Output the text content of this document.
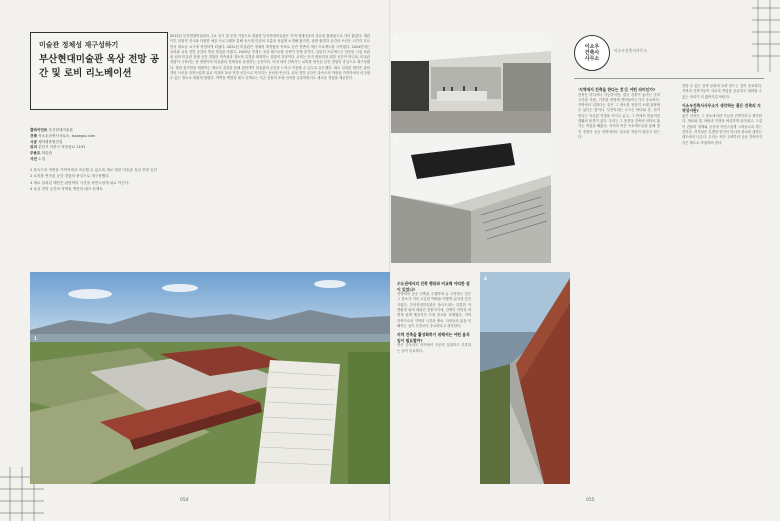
미술관 정체성 재구성하기
부산현대미술관 옥상 전망 공간 및 로비 리노베이션
클라이언트 부산현대미술관
건축 이소우건축사사무소, isosegul.com
시공 제이엘종합건설
위치 부산시 사하구 낙동남로 1191
주용도 미술관
사진 노경
1 을숙도의 자연을 가까이에서 마주할 수 있도록 새로 열린 미술관 옥상 전망 공간
2 로비를 연속된 공간 경험의 중심으로 재구성했다.
3 새로 설치된 계단은 관람객의 시선을 자연스럽게 위로 이끈다.
4 옥상 전망 공간의 적벽돌 벽면과 데크 산책로
2015년 부산현대미술관의 주요 전시 및 운영 거점으로 개관한 부산현대미술관은 지역 현대미술의 중요한 플랫폼으로 자리 잡았다. 개관 이후 실험적 전시와 다양한 예술 프로그램을 통해 동시대 미술의 흐름을 폭넓게 소개해 왔지만, 관람 환경과 공간의 쓰임은 시간이 흐르면서 새로운 요구에 직면하게 되었다. 2022년 미술관은 정체성 재정립을 목표로 공간 전반의 개선 프로젝트를 시작했다. 2024년에는 로비와 옥상 전망 공간의 개선 작업을 마쳤고, 2025년 현재는 옥상 레스토랑 증축이 진행 중이다. 일련의 프로젝트는 단순한 시설 보완을 넘어 미술관 전체 공간 경험의 연속성과 정소적 특징을 회복하는 실험적 과정이다. 로비는 단지 방문객을 위한 공간이 아니라, 미술관 경험이 시작되는 첫 장면이자 미술관의 정체성을 상징하는 공간이다. 이에 따라 건축가는 로비를 연속된 공간 경험의 중심으로 재구성했다. 빛과 물가면을 채광하는 재료의 질감을 통해 관람객이 미술관의 공간을 느끼고 이동할 수 있도록 유도했다. 새로 설치된 계단은 관람객의 시선을 자연스럽게 위로 이끌며 옥상 전망 공간으로 이어지는 동선을 만든다. 옥상 전망 공간은 을숙도의 자연을 가까이에서 마주할 수 있는 장소로 새롭게 열렸다. 적벽돌 벽면과 데크 산책로는 기존 건물의 조형 언어를 존중하면서도 새로운 경험을 제공한다.
1
2
3
4
수도권에서의 건축 행위와 비교해 어떠한 점이 있었나?
지역에서 공공 건축을 수행하며 늘 고민하는 것은 그 장소가 지닌 고유한 맥락을 어떻게 읽어낼 것인가였다. 부산현대미술관은 을숙도라는 특별한 자연환경 위에 세워진 건물이기에, 건축이 자연과 어떻게 관계 맺을지가 가장 중요한 과제였다. 지역 건축가로서 지역의 시간과 재료, 사람들의 삶을 이해하는 일이 무엇보다 중요하다고 생각한다.
지역 건축을 활성화하기 위해서는 어떤 움직임이 필요할까?
작은 규모라도 지역에서 꾸준히 실험하고 기록하는 일이 중요하다.
이소우
건축사
사무소
이소우건축사사무소
'지역에서 건축을 한다는 것'은 어떤 의미인가?
건축은 어디서나 가능하지만, 결국 건물이 놓이는 곳의 시간과 사람, 기후를 어떻게 받아들이는가가 중요하다. 지역에서 일한다는 것은 그 장소를 천천히 오래 관찰할 수 있다는 뜻이다. 부산이라는 도시는 바다와 강, 산이 만나는 독특한 지형을 가지고 있고, 그 안에서 만들어진 생활의 풍경이 있다. 우리는 그 풍경을 건축의 언어로 옮기는 작업을 해왔다. 지역의 작은 프로젝트들을 통해 쌓인 경험이 공공 건축에서도 중요한 자산이 된다고 믿는다.
한발 수 있는 건축 문화의 토양 만드는 것이 중요하다. 지역의 건축가들이 서로의 작업을 공유하고 대화할 수 있는 자리가 더 많아지길 바란다.
이소우건축사사무소가 생각하는 좋은 건축의 지역성이란?
좋은 건축은 그 장소에서만 가능한 건축이라고 생각한다. 재료와 빛, 바람과 지형을 세심하게 읽어내고, 그것이 건물의 형태와 공간에 자연스럽게 스며들도록 하는 것이다. 지역성은 특별한 양식이 아니라 장소를 대하는 태도에서 나온다. 우리는 작은 주택부터 공공 건축까지 같은 태도로 작업하려 한다.
054	055
